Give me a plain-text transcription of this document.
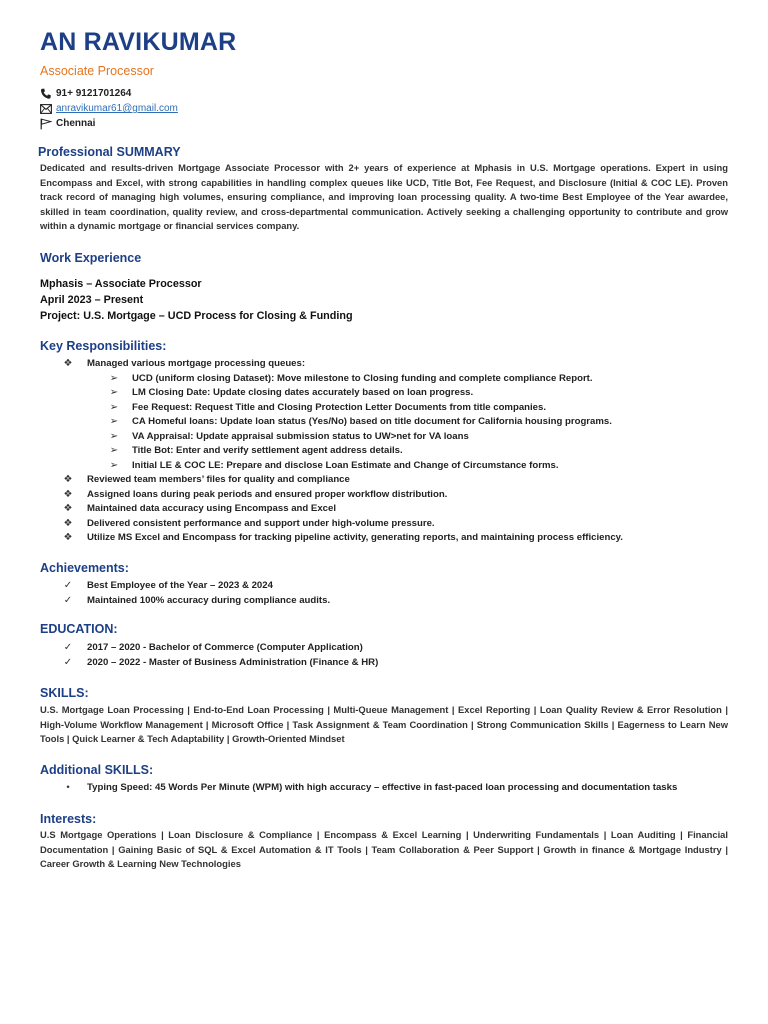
AN RAVIKUMAR
Associate Processor
91+ 9121701264
anravikumar61@gmail.com
Chennai
Professional SUMMARY
Dedicated and results-driven Mortgage Associate Processor with 2+ years of experience at Mphasis in U.S. Mortgage operations. Expert in using Encompass and Excel, with strong capabilities in handling complex queues like UCD, Title Bot, Fee Request, and Disclosure (Initial & COC LE). Proven track record of managing high volumes, ensuring compliance, and improving loan processing quality. A two-time Best Employee of the Year awardee, skilled in team coordination, quality review, and cross-departmental communication. Actively seeking a challenging opportunity to contribute and grow within a dynamic mortgage or financial services company.
Work Experience
Mphasis – Associate Processor
April 2023 – Present
Project: U.S. Mortgage – UCD Process for Closing & Funding
Key Responsibilities:
❖ Managed various mortgage processing queues:
➢ UCD (uniform closing Dataset): Move milestone to Closing funding and complete compliance Report.
➢ LM Closing Date: Update closing dates accurately based on loan progress.
➢ Fee Request: Request Title and Closing Protection Letter Documents from title companies.
➢ CA Homeful loans: Update loan status (Yes/No) based on title document for California housing programs.
➢ VA Appraisal: Update appraisal submission status to UW>net for VA loans
➢ Title Bot: Enter and verify settlement agent address details.
➢ Initial LE & COC LE: Prepare and disclose Loan Estimate and Change of Circumstance forms.
❖ Reviewed team members’ files for quality and compliance
❖ Assigned loans during peak periods and ensured proper workflow distribution.
❖ Maintained data accuracy using Encompass and Excel
❖ Delivered consistent performance and support under high-volume pressure.
❖ Utilize MS Excel and Encompass for tracking pipeline activity, generating reports, and maintaining process efficiency.
Achievements:
✓ Best Employee of the Year – 2023 & 2024
✓ Maintained 100% accuracy during compliance audits.
EDUCATION:
✓ 2017 – 2020 - Bachelor of Commerce (Computer Application)
✓ 2020 – 2022 - Master of Business Administration (Finance & HR)
SKILLS:
U.S. Mortgage Loan Processing | End-to-End Loan Processing | Multi-Queue Management | Excel Reporting | Loan Quality Review & Error Resolution | High-Volume Workflow Management | Microsoft Office | Task Assignment & Team Coordination | Strong Communication Skills | Eagerness to Learn New Tools | Quick Learner & Tech Adaptability | Growth-Oriented Mindset
Additional SKILLS:
•	Typing Speed: 45 Words Per Minute (WPM) with high accuracy – effective in fast-paced loan processing and documentation tasks
Interests:
U.S Mortgage Operations | Loan Disclosure & Compliance | Encompass & Excel Learning | Underwriting Fundamentals | Loan Auditing | Financial Documentation | Gaining Basic of SQL & Excel Automation & IT Tools | Team Collaboration & Peer Support | Growth in finance & Mortgage Industry | Career Growth & Learning New Technologies
